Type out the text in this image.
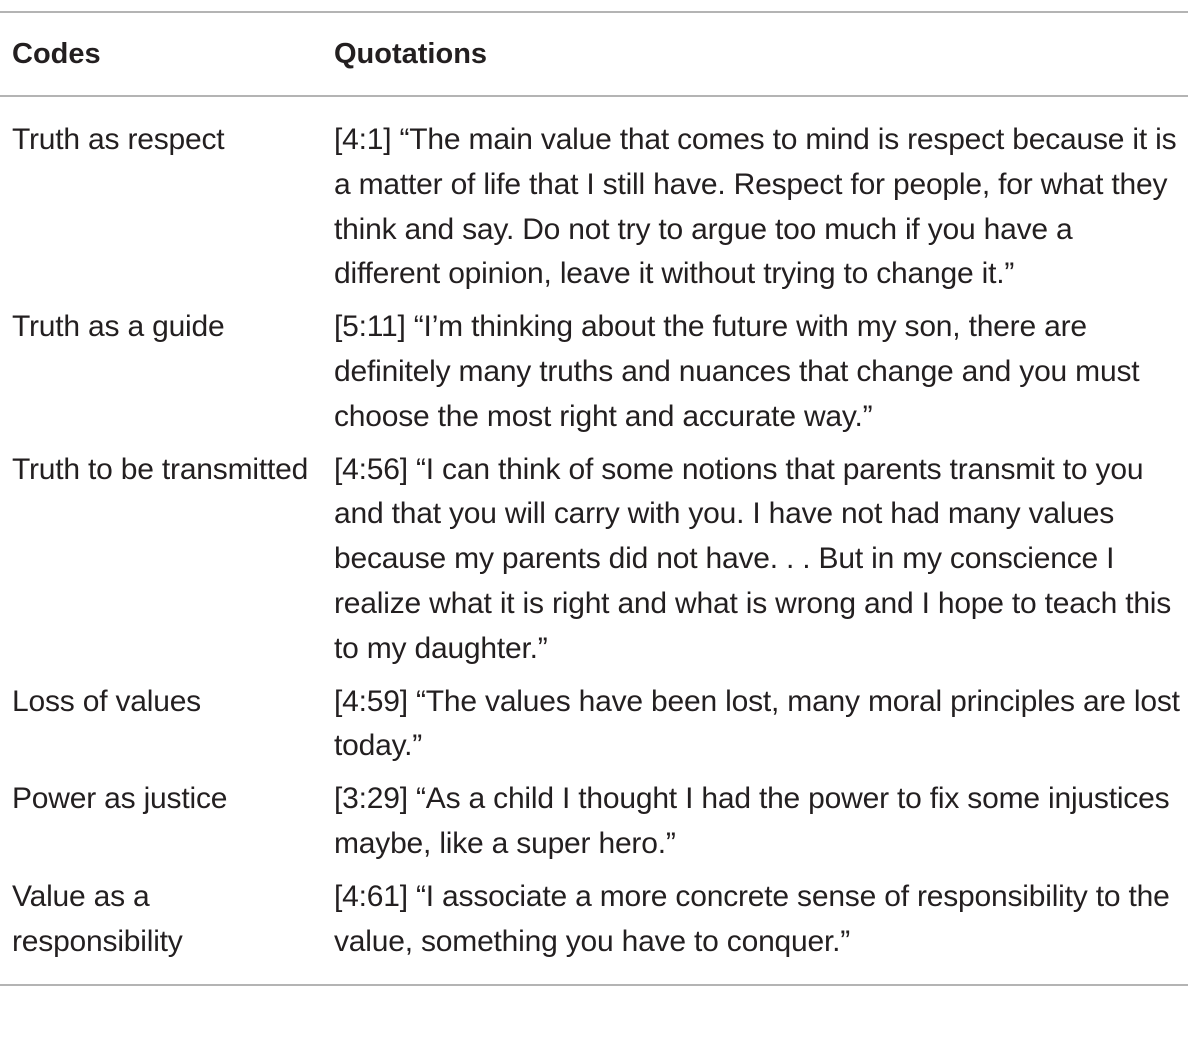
Codes	Quotations
Truth as respect	[4:1] “The main value that comes to mind is respect because it is a matter of life that I still have. Respect for people, for what they think and say. Do not try to argue too much if you have a different opinion, leave it without trying to change it.”
Truth as a guide	[5:11] “I’m thinking about the future with my son, there are definitely many truths and nuances that change and you must choose the most right and accurate way.”
Truth to be transmitted	[4:56] “I can think of some notions that parents transmit to you and that you will carry with you. I have not had many values because my parents did not have. . . But in my conscience I realize what it is right and what is wrong and I hope to teach this to my daughter.”
Loss of values	[4:59] “The values have been lost, many moral principles are lost today.”
Power as justice	[3:29] “As a child I thought I had the power to fix some injustices maybe, like a super hero.”
Value as a responsibility	[4:61] “I associate a more concrete sense of responsibility to the value, something you have to conquer.”
